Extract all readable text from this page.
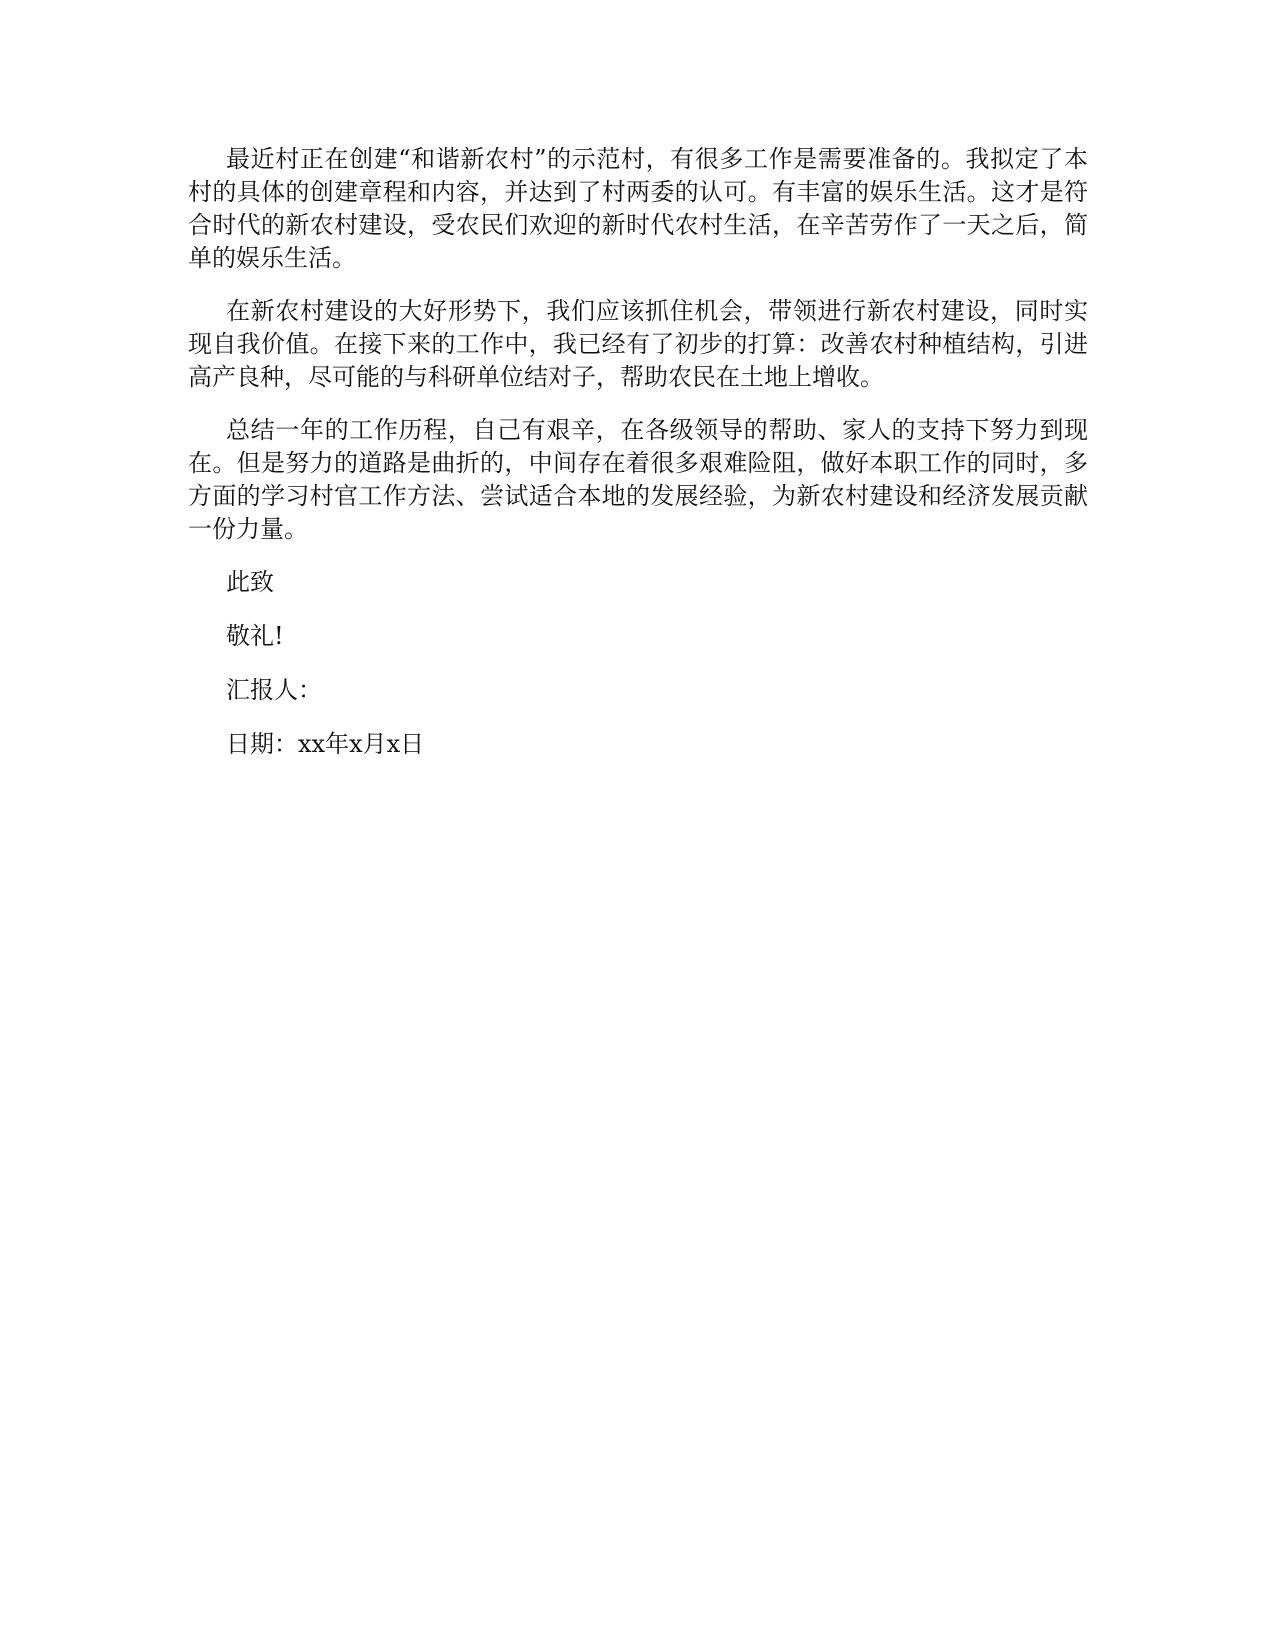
最近村正在创建“和谐新农村”的示范村，有很多工作是需要准备的。我拟定了本村的具体的创建章程和内容，并达到了村两委的认可。有丰富的娱乐生活。这才是符合时代的新农村建设，受农民们欢迎的新时代农村生活，在辛苦劳作了一天之后，简单的娱乐生活。

在新农村建设的大好形势下，我们应该抓住机会，带领进行新农村建设，同时实现自我价值。在接下来的工作中，我已经有了初步的打算：改善农村种植结构，引进高产良种，尽可能的与科研单位结对子，帮助农民在土地上增收。

总结一年的工作历程，自己有艰辛，在各级领导的帮助、家人的支持下努力到现在。但是努力的道路是曲折的，中间存在着很多艰难险阻，做好本职工作的同时，多方面的学习村官工作方法、尝试适合本地的发展经验，为新农村建设和经济发展贡献一份力量。

此致
敬礼!
汇报人：
日期：xx年x月x日
